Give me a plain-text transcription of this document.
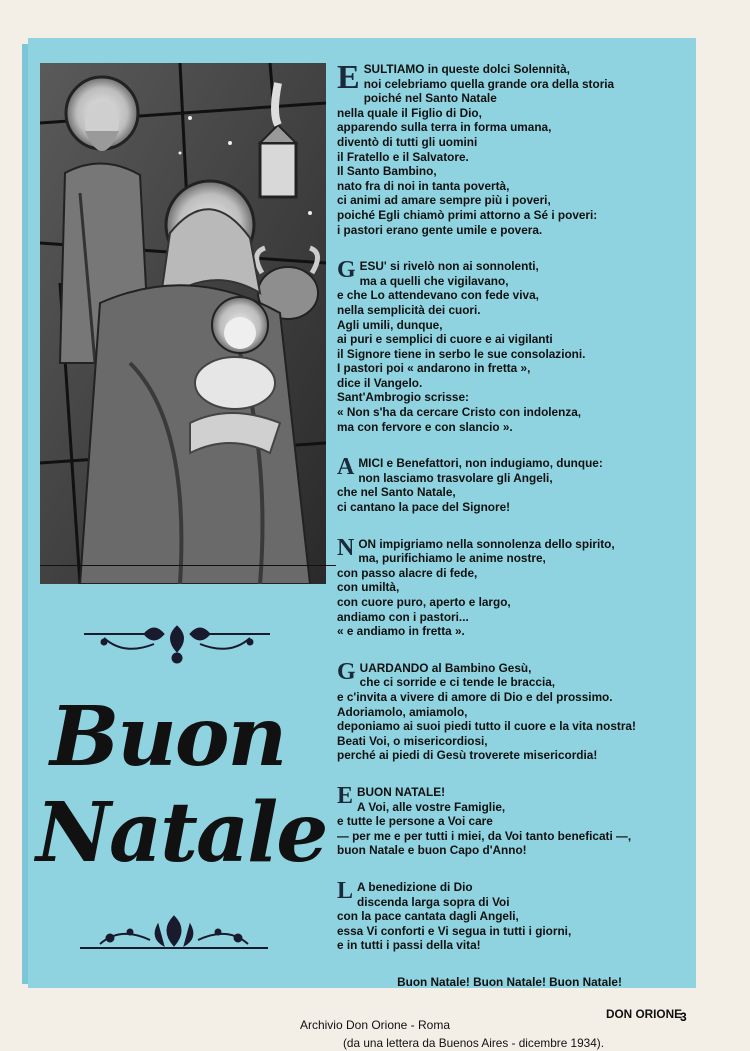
Buon
Natale
E SULTIAMO in queste dolci Solennità,
noi celebriamo quella grande ora della storia
poiché nel Santo Natale
nella quale il Figlio di Dio,
apparendo sulla terra in forma umana,
diventò di tutti gli uomini
il Fratello e il Salvatore.
Il Santo Bambino,
nato fra di noi in tanta povertà,
ci animi ad amare sempre più i poveri,
poiché Egli chiamò primi attorno a Sé i poveri:
i pastori erano gente umile e povera.
G ESU' si rivelò non ai sonnolenti,
ma a quelli che vigilavano,
e che Lo attendevano con fede viva,
nella semplicità dei cuori.
Agli umili, dunque,
ai puri e semplici di cuore e ai vigilanti
il Signore tiene in serbo le sue consolazioni.
I pastori poi « andarono in fretta »,
dice il Vangelo.
Sant'Ambrogio scrisse:
« Non s'ha da cercare Cristo con indolenza,
ma con fervore e con slancio ».
A MICI e Benefattori, non indugiamo, dunque:
non lasciamo trasvolare gli Angeli,
che nel Santo Natale,
ci cantano la pace del Signore!
N ON impigriamo nella sonnolenza dello spirito,
ma, purifichiamo le anime nostre,
con passo alacre di fede,
con umiltà,
con cuore puro, aperto e largo,
andiamo con i pastori...
« e andiamo in fretta ».
G UARDANDO al Bambino Gesù,
che ci sorride e ci tende le braccia,
e c'invita a vivere di amore di Dio e del prossimo.
Adoriamolo, amiamolo,
deponiamo ai suoi piedi tutto il cuore e la vita nostra!
Beati Voi, o misericordiosi,
perché ai piedi di Gesù troverete misericordia!
E BUON NATALE!
A Voi, alle vostre Famiglie,
e tutte le persone a Voi care
— per me e per tutti i miei, da Voi tanto beneficati —,
buon Natale e buon Capo d'Anno!
L A benedizione di Dio
discenda larga sopra di Voi
con la pace cantata dagli Angeli,
essa Vi conforti e Vi segua in tutti i giorni,
e in tutti i passi della vita!
Buon Natale! Buon Natale! Buon Natale!
DON ORIONE
(da una lettera da Buenos Aires - dicembre 1934).
3
Archivio Don Orione - Roma
